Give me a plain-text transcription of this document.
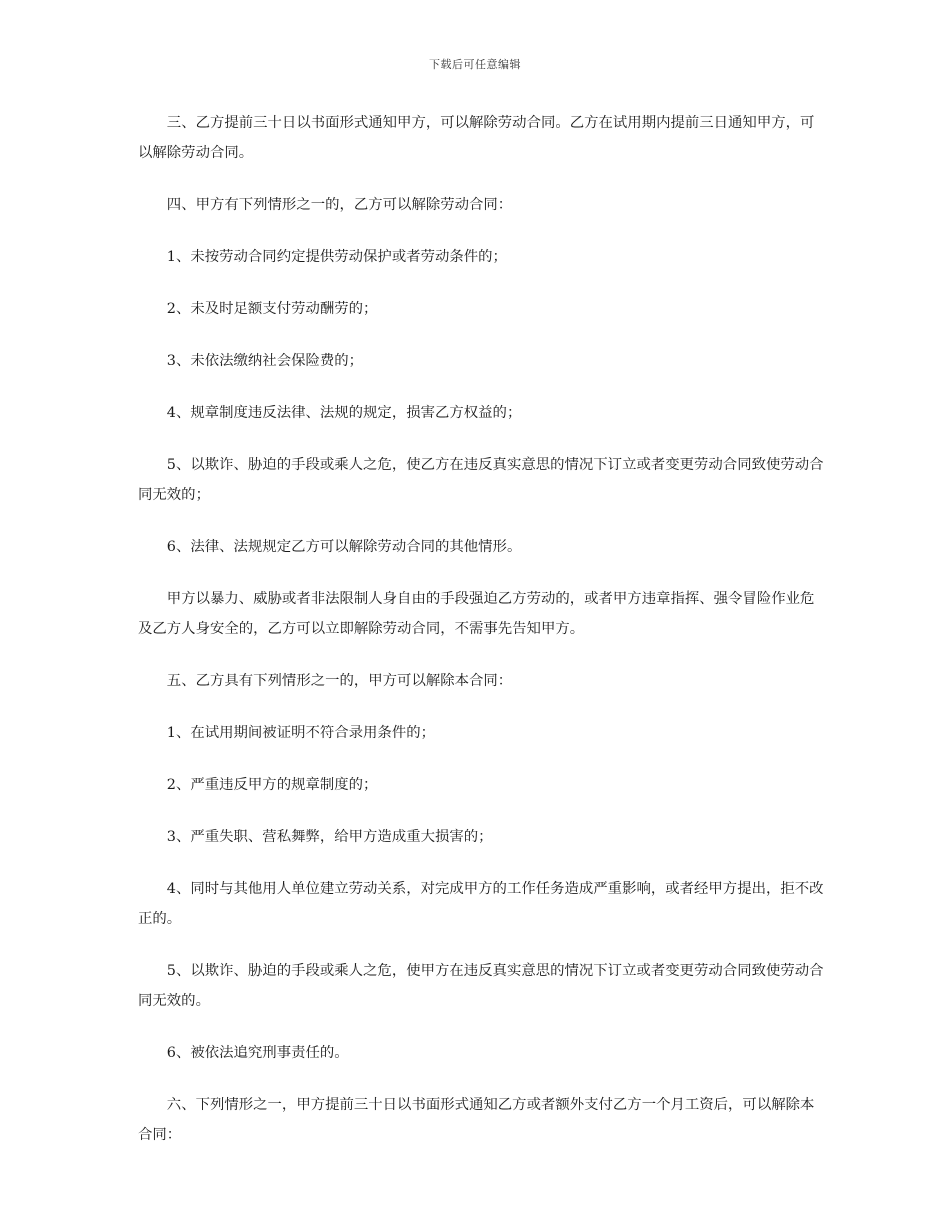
下载后可任意编辑

三、乙方提前三十日以书面形式通知甲方，可以解除劳动合同。乙方在试用期内提前三日通知甲方，可以解除劳动合同。

四、甲方有下列情形之一的，乙方可以解除劳动合同：

1、未按劳动合同约定提供劳动保护或者劳动条件的；

2、未及时足额支付劳动酬劳的；

3、未依法缴纳社会保险费的；

4、规章制度违反法律、法规的规定，损害乙方权益的；

5、以欺诈、胁迫的手段或乘人之危，使乙方在违反真实意思的情况下订立或者变更劳动合同致使劳动合同无效的；

6、法律、法规规定乙方可以解除劳动合同的其他情形。

甲方以暴力、威胁或者非法限制人身自由的手段强迫乙方劳动的，或者甲方违章指挥、强令冒险作业危及乙方人身安全的，乙方可以立即解除劳动合同，不需事先告知甲方。

五、乙方具有下列情形之一的，甲方可以解除本合同：

1、在试用期间被证明不符合录用条件的；

2、严重违反甲方的规章制度的；

3、严重失职、营私舞弊，给甲方造成重大损害的；

4、同时与其他用人单位建立劳动关系，对完成甲方的工作任务造成严重影响，或者经甲方提出，拒不改正的。

5、以欺诈、胁迫的手段或乘人之危，使甲方在违反真实意思的情况下订立或者变更劳动合同致使劳动合同无效的。

6、被依法追究刑事责任的。

六、下列情形之一，甲方提前三十日以书面形式通知乙方或者额外支付乙方一个月工资后，可以解除本合同：
